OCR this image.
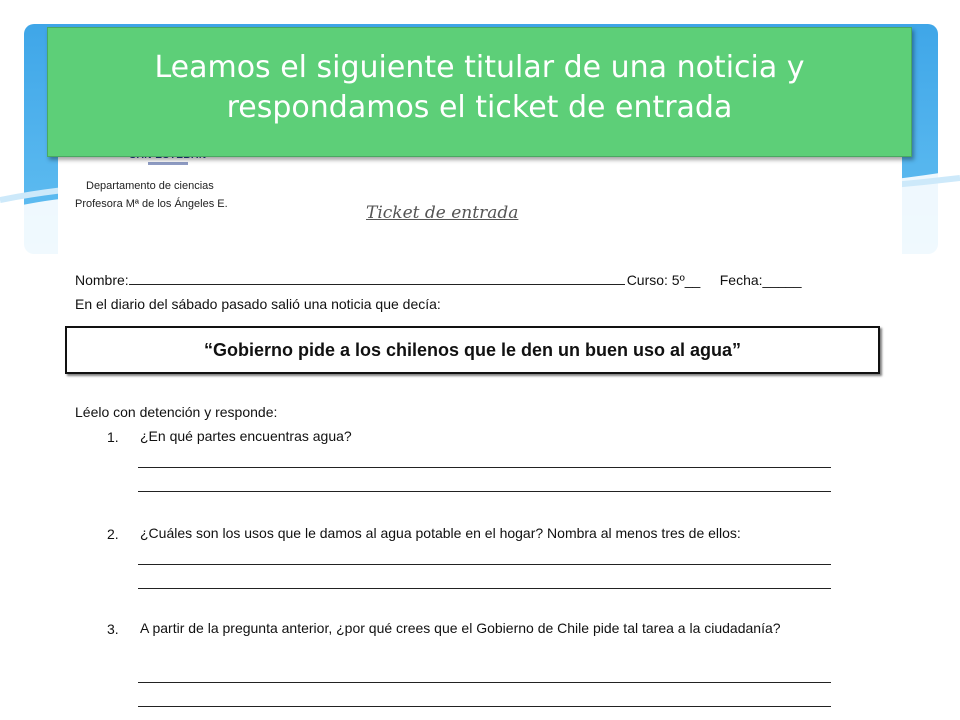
Departamento de ciencias
Profesora Mª de los Ángeles E.	Ticket de entrada
Nombre:	Curso: 5º__ Fecha:_____
En el diario del sábado pasado salió una noticia que decía:
“Gobierno pide a los chilenos que le den un buen uso al agua”
Léelo con detención y responde:
1. ¿En qué partes encuentras agua?
2. ¿Cuáles son los usos que le damos al agua potable en el hogar? Nombra al menos tres de ellos:
3. A partir de la pregunta anterior, ¿por qué crees que el Gobierno de Chile pide tal tarea a la ciudadanía?
Leamos el siguiente titular de una noticia y respondamos el ticket de entrada
